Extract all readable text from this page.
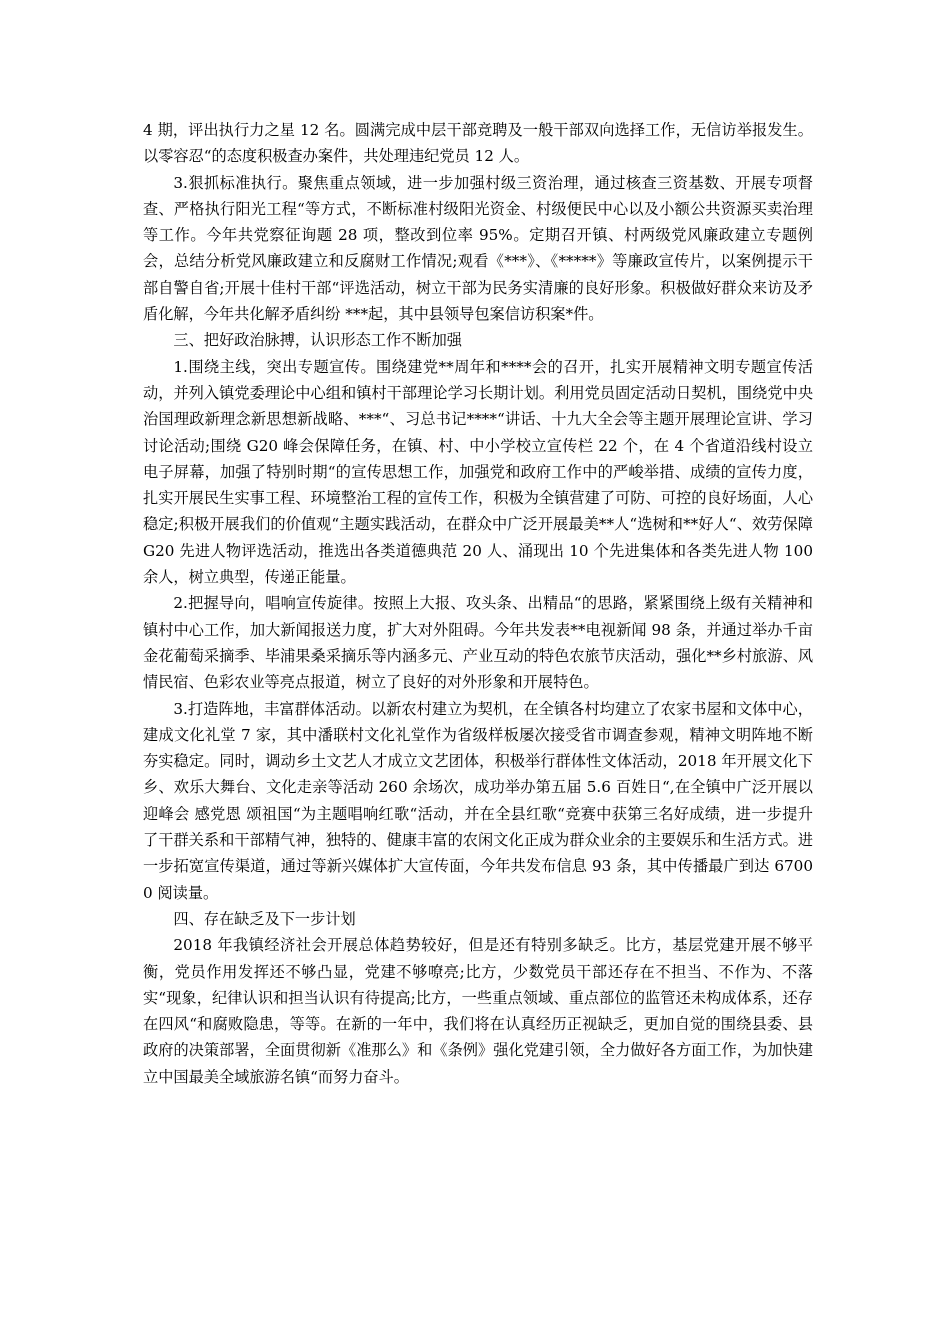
4 期，评出执行力之星 12 名。圆满完成中层干部竞聘及一般干部双向选择工作，无信访举报发生。以零容忍“的态度积极查办案件，共处理违纪党员 12 人。

3.狠抓标准执行。聚焦重点领域，进一步加强村级三资治理，通过核查三资基数、开展专项督查、严格执行阳光工程“等方式，不断标准村级阳光资金、村级便民中心以及小额公共资源买卖治理等工作。今年共党察征询题 28 项，整改到位率 95%。定期召开镇、村两级党风廉政建立专题例会，总结分析党风廉政建立和反腐财工作情况;观看《***》、《*****》等廉政宣传片，以案例提示干部自警自省;开展十佳村干部“评选活动，树立干部为民务实清廉的良好形象。积极做好群众来访及矛盾化解，今年共化解矛盾纠纷 ***起，其中县领导包案信访积案*件。

三、把好政治脉搏，认识形态工作不断加强

1.围绕主线，突出专题宣传。围绕建党**周年和****会的召开，扎实开展精神文明专题宣传活动，并列入镇党委理论中心组和镇村干部理论学习长期计划。利用党员固定活动日契机，围绕党中央治国理政新理念新思想新战略、***“、习总书记****“讲话、十九大全会等主题开展理论宣讲、学习讨论活动;围绕 G20 峰会保障任务，在镇、村、中小学校立宣传栏 22 个，在 4 个省道沿线村设立电子屏幕，加强了特别时期“的宣传思想工作，加强党和政府工作中的严峻举措、成绩的宣传力度，扎实开展民生实事工程、环境整治工程的宣传工作，积极为全镇营建了可防、可控的良好场面，人心稳定;积极开展我们的价值观“主题实践活动，在群众中广泛开展最美**人“选树和**好人“、效劳保障 G20 先进人物评选活动，推选出各类道德典范 20 人、涌现出 10 个先进集体和各类先进人物 100 余人，树立典型，传递正能量。

2.把握导向，唱响宣传旋律。按照上大报、攻头条、出精品“的思路，紧紧围绕上级有关精神和镇村中心工作，加大新闻报送力度，扩大对外阻碍。今年共发表**电视新闻 98 条，并通过举办千亩金花葡萄采摘季、毕浦果桑采摘乐等内涵多元、产业互动的特色农旅节庆活动，强化**乡村旅游、风情民宿、色彩农业等亮点报道，树立了良好的对外形象和开展特色。

3.打造阵地，丰富群体活动。以新农村建立为契机，在全镇各村均建立了农家书屋和文体中心，建成文化礼堂 7 家，其中潘联村文化礼堂作为省级样板屡次接受省市调查参观，精神文明阵地不断夯实稳定。同时，调动乡土文艺人才成立文艺团体，积极举行群体性文体活动，2018 年开展文化下乡、欢乐大舞台、文化走亲等活动 260 余场次，成功举办第五届 5.6 百姓日“,在全镇中广泛开展以迎峰会 感党恩 颂祖国“为主题唱响红歌“活动，并在全县红歌“竞赛中获第三名好成绩，进一步提升了干群关系和干部精气神，独特的、健康丰富的农闲文化正成为群众业余的主要娱乐和生活方式。进一步拓宽宣传渠道，通过等新兴媒体扩大宣传面，今年共发布信息 93 条，其中传播最广到达 67000 阅读量。

四、存在缺乏及下一步计划

2018 年我镇经济社会开展总体趋势较好，但是还有特别多缺乏。比方，基层党建开展不够平衡，党员作用发挥还不够凸显，党建不够嘹亮;比方，少数党员干部还存在不担当、不作为、不落实“现象，纪律认识和担当认识有待提高;比方，一些重点领域、重点部位的监管还未构成体系，还存在四风“和腐败隐患，等等。在新的一年中，我们将在认真经历正视缺乏，更加自觉的围绕县委、县政府的决策部署，全面贯彻新《准那么》和《条例》强化党建引领，全力做好各方面工作，为加快建立中国最美全域旅游名镇“而努力奋斗。
